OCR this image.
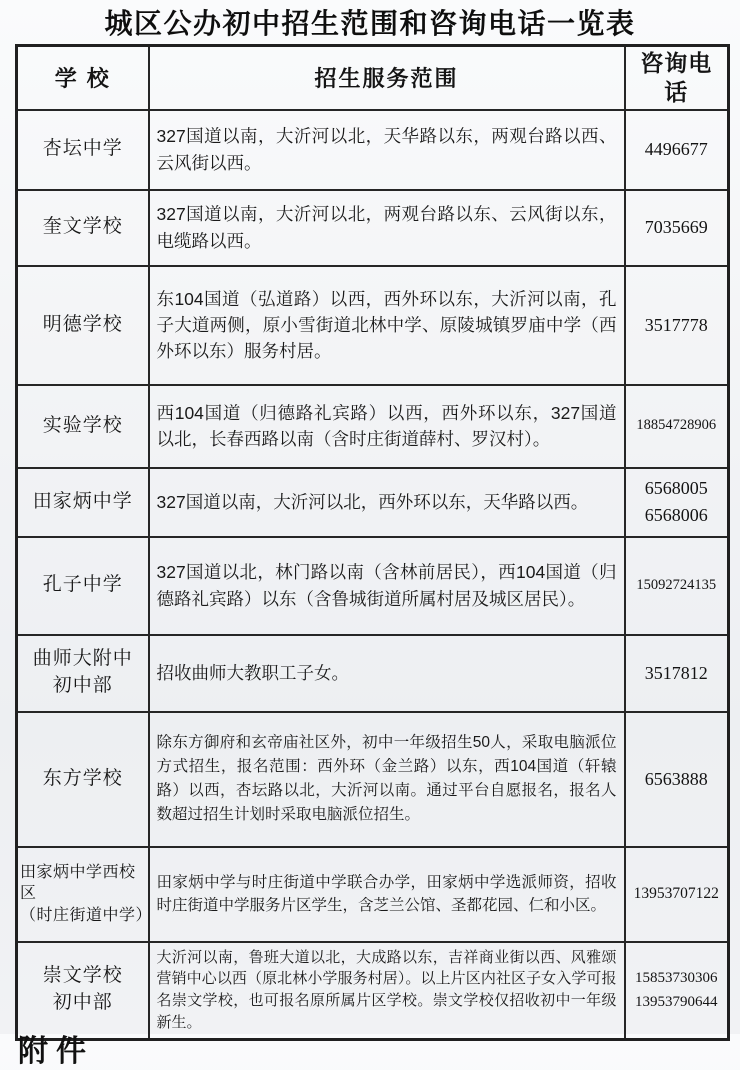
城区公办初中招生范围和咨询电话一览表
学 校	招生服务范围	咨询电话
杏坛中学	327国道以南，大沂河以北，天华路以东，两观台路以西、云风街以西。	4496677

奎文学校	327国道以南，大沂河以北，两观台路以东、云风街以东，电缆路以西。	7035669

明德学校	东104国道（弘道路）以西，西外环以东，大沂河以南，孔子大道两侧，原小雪街道北林中学、原陵城镇罗庙中学（西外环以东）服务村居。	3517778

实验学校	西104国道（归德路礼宾路）以西，西外环以东，327国道以北，长春西路以南（含时庄街道薛村、罗汉村）。	18854728906

田家炳中学	327国道以南，大沂河以北，西外环以东，天华路以西。	6568005
6568006

孔子中学	327国道以北，林门路以南（含林前居民），西104国道（归德路礼宾路）以东（含鲁城街道所属村居及城区居民）。	15092724135

曲师大附中
初中部	招收曲师大教职工子女。	3517812

东方学校	除东方御府和玄帝庙社区外，初中一年级招生50人，采取电脑派位方式招生，报名范围：西外环（金兰路）以东，西104国道（轩辕路）以西，杏坛路以北，大沂河以南。通过平台自愿报名，报名人数超过招生计划时采取电脑派位招生。	6563888

田家炳中学西校区
（时庄街道中学）	田家炳中学与时庄街道中学联合办学，田家炳中学选派师资，招收时庄街道中学服务片区学生，含芝兰公馆、圣都花园、仁和小区。	13953707122

崇文学校
初中部	大沂河以南，鲁班大道以北，大成路以东，吉祥商业街以西、风雅颂营销中心以西（原北林小学服务村居）。以上片区内社区子女入学可报名崇文学校，也可报名原所属片区学校。崇文学校仅招收初中一年级新生。	15853730306
13953790644
附件
